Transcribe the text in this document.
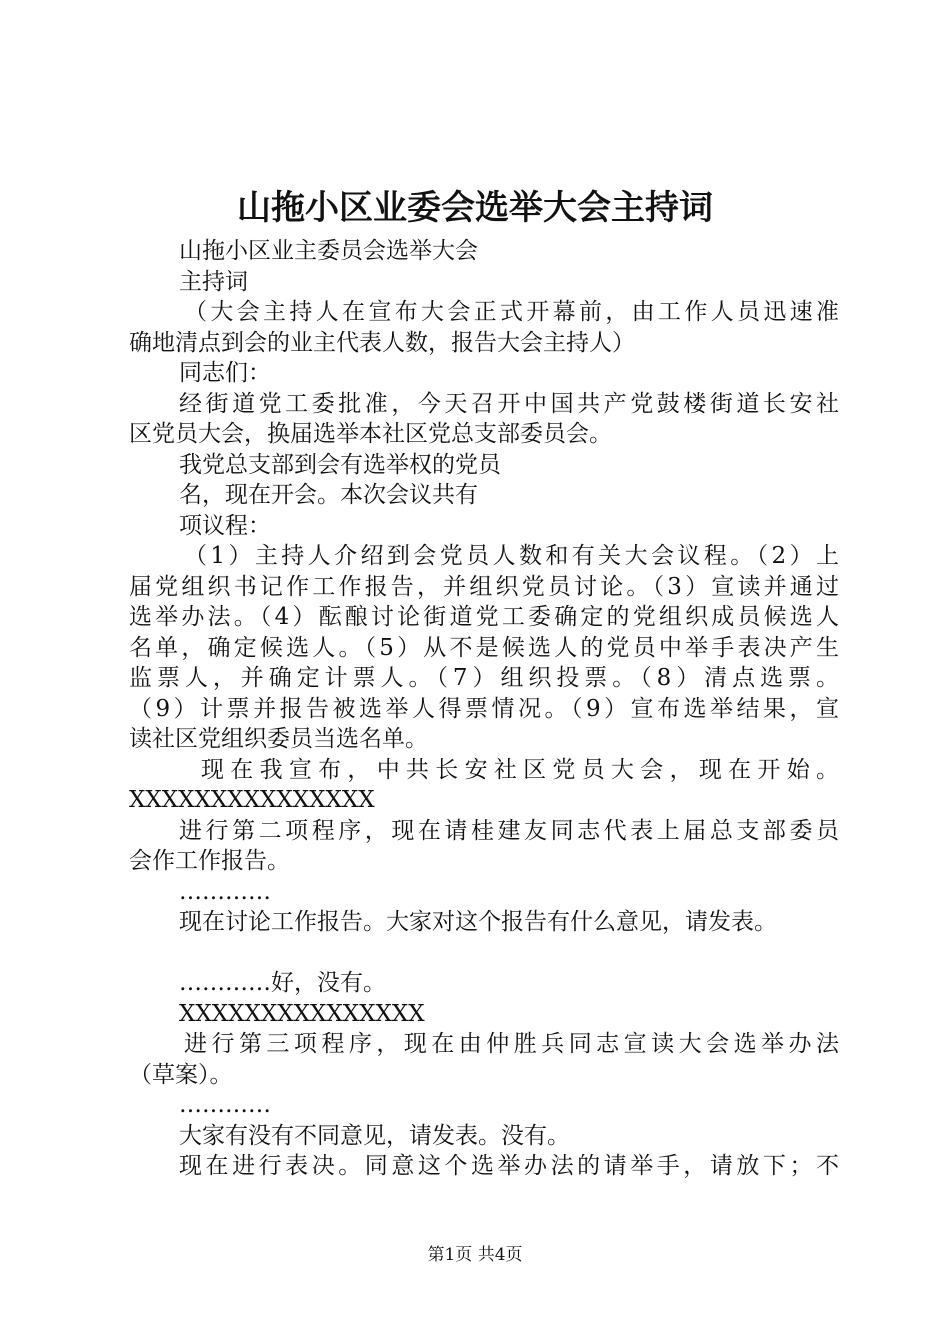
山拖小区业委会选举大会主持词

山拖小区业主委员会选举大会

主持词

（大会主持人在宣布大会正式开幕前，由工作人员迅速准

确地清点到会的业主代表人数，报告大会主持人）

同志们：

经街道党工委批准，今天召开中国共产党鼓楼街道长安社

区党员大会，换届选举本社区党总支部委员会。

我党总支部到会有选举权的党员

名，现在开会。本次会议共有

项议程：

（1）主持人介绍到会党员人数和有关大会议程。（2）上

届党组织书记作工作报告，并组织党员讨论。（3）宣读并通过

选举办法。（4）酝酿讨论街道党工委确定的党组织成员候选人

名单，确定候选人。（5）从不是候选人的党员中举手表决产生

监票人，并确定计票人。（7）组织投票。（8）清点选票。

（9）计票并报告被选举人得票情况。（9）宣布选举结果，宣

读社区党组织委员当选名单。

现在我宣布，中共长安社区党员大会，现在开始。

XXXXXXXXXXXXXXX

进行第二项程序，现在请桂建友同志代表上届总支部委员

会作工作报告。

…………

现在讨论工作报告。大家对这个报告有什么意见，请发表。

…………好，没有。

XXXXXXXXXXXXXXX

进行第三项程序，现在由仲胜兵同志宣读大会选举办法

（草案）。

…………

大家有没有不同意见，请发表。没有。

现在进行表决。同意这个选举办法的请举手，请放下；不

第1页 共4页
